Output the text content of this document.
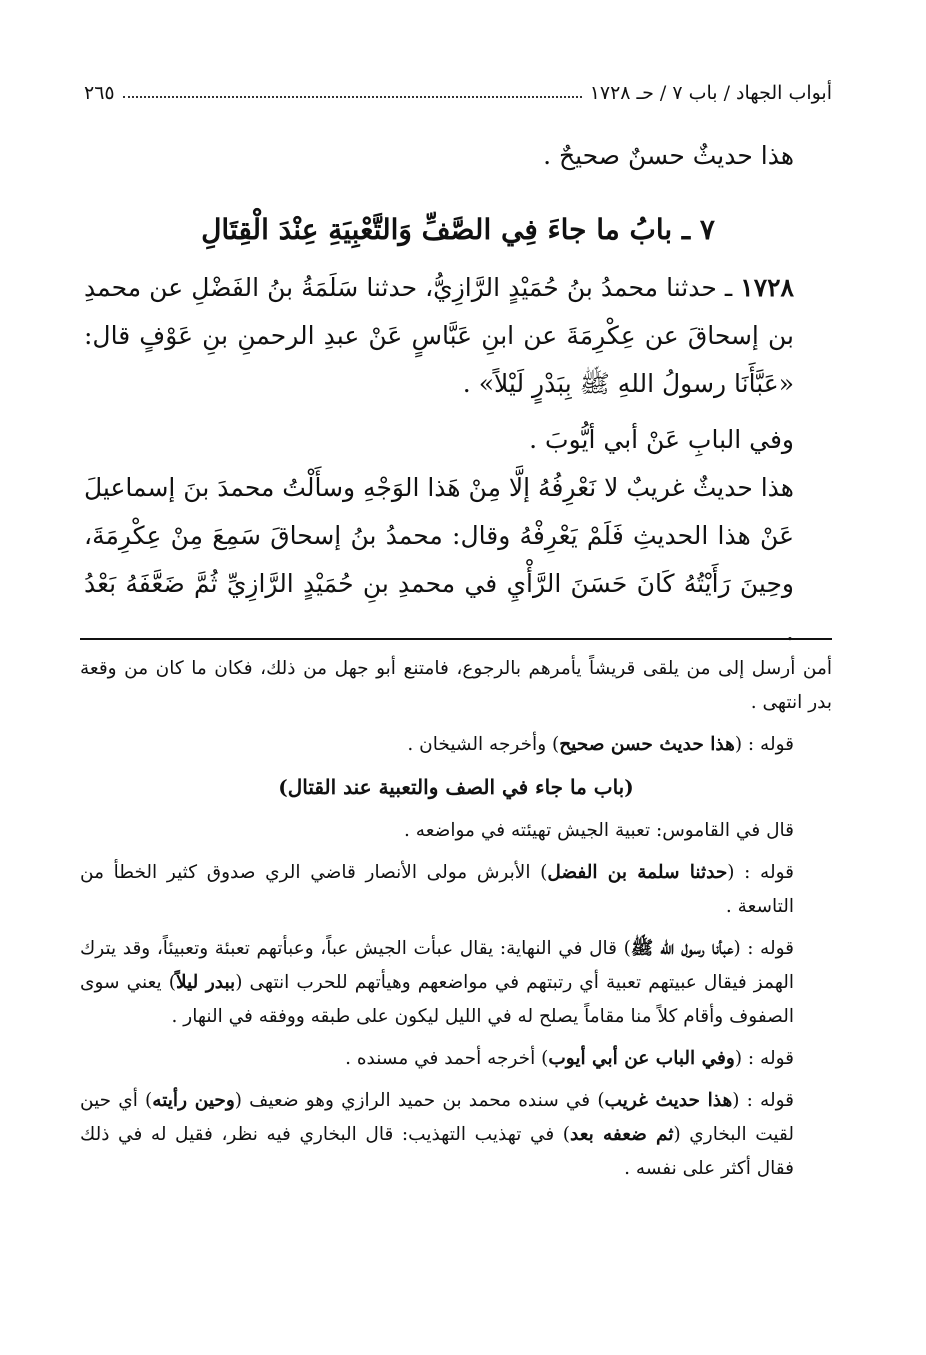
أبواب الجهاد / باب ٧ / حـ ١٧٢٨
٢٦٥

هذا حديثٌ حسنٌ صحيحٌ .

٧ ـ بابُ ما جاءَ فِي الصَّفِّ وَالتَّعْبِيَةِ عِنْدَ الْقِتَالِ

١٧٢٨ ـ حدثنا محمدُ بنُ حُمَيْدٍ الرَّازِيُّ، حدثنا سَلَمَةُ بنُ الفَضْلِ عن محمدِ بن إسحاقَ عن عِكْرِمَةَ عن ابنِ عَبَّاسٍ عَنْ عبدِ الرحمنِ بنِ عَوْفٍ قال: «عَبَّأَنَا رسولُ اللهِ ﷺ بِبَدْرٍ لَيْلاً» .

وفي البابِ عَنْ أبي أيُّوبَ .

هذا حديثٌ غريبٌ لا نَعْرِفُهُ إلَّا مِنْ هَذا الوَجْهِ وسأَلْتُ محمدَ بنَ إسماعيلَ عَنْ هذا الحديثِ فَلَمْ يَعْرِفْهُ وقال: محمدُ بنُ إسحاقَ سَمِعَ مِنْ عِكْرِمَةَ، وحِينَ رَأَيْتُهُ كَانَ حَسَنَ الرَّأْيِ في محمدِ بنِ حُمَيْدٍ الرَّازِيِّ ثُمَّ ضَعَّفَهُ بَعْدُ .

أمن أرسل إلى من يلقى قريشاً يأمرهم بالرجوع، فامتنع أبو جهل من ذلك، فكان ما كان من وقعة بدر انتهى .

قوله : (هذا حديث حسن صحيح) وأخرجه الشيخان .

(باب ما جاء في الصف والتعبية عند القتال)

قال في القاموس: تعبية الجيش تهيئته في مواضعه .

قوله : (حدثنا سلمة بن الفضل) الأبرش مولى الأنصار قاضي الري صدوق كثير الخطأ من التاسعة .

قوله : (عبأنا رسول الله ﷺ) قال في النهاية: يقال عبأت الجيش عباً، وعبأتهم تعبئة وتعبيئاً، وقد يترك الهمز فيقال عبيتهم تعبية أي رتبتهم في مواضعهم وهيأتهم للحرب انتهى (ببدر ليلاً) يعني سوى الصفوف وأقام كلاً منا مقاماً يصلح له في الليل ليكون على طبقه ووفقه في النهار .

قوله : (وفي الباب عن أبي أيوب) أخرجه أحمد في مسنده .

قوله : (هذا حديث غريب) في سنده محمد بن حميد الرازي وهو ضعيف (وحين رأيته) أي حين لقيت البخاري (ثم ضعفه بعد) في تهذيب التهذيب: قال البخاري فيه نظر، فقيل له في ذلك فقال أكثر على نفسه .
